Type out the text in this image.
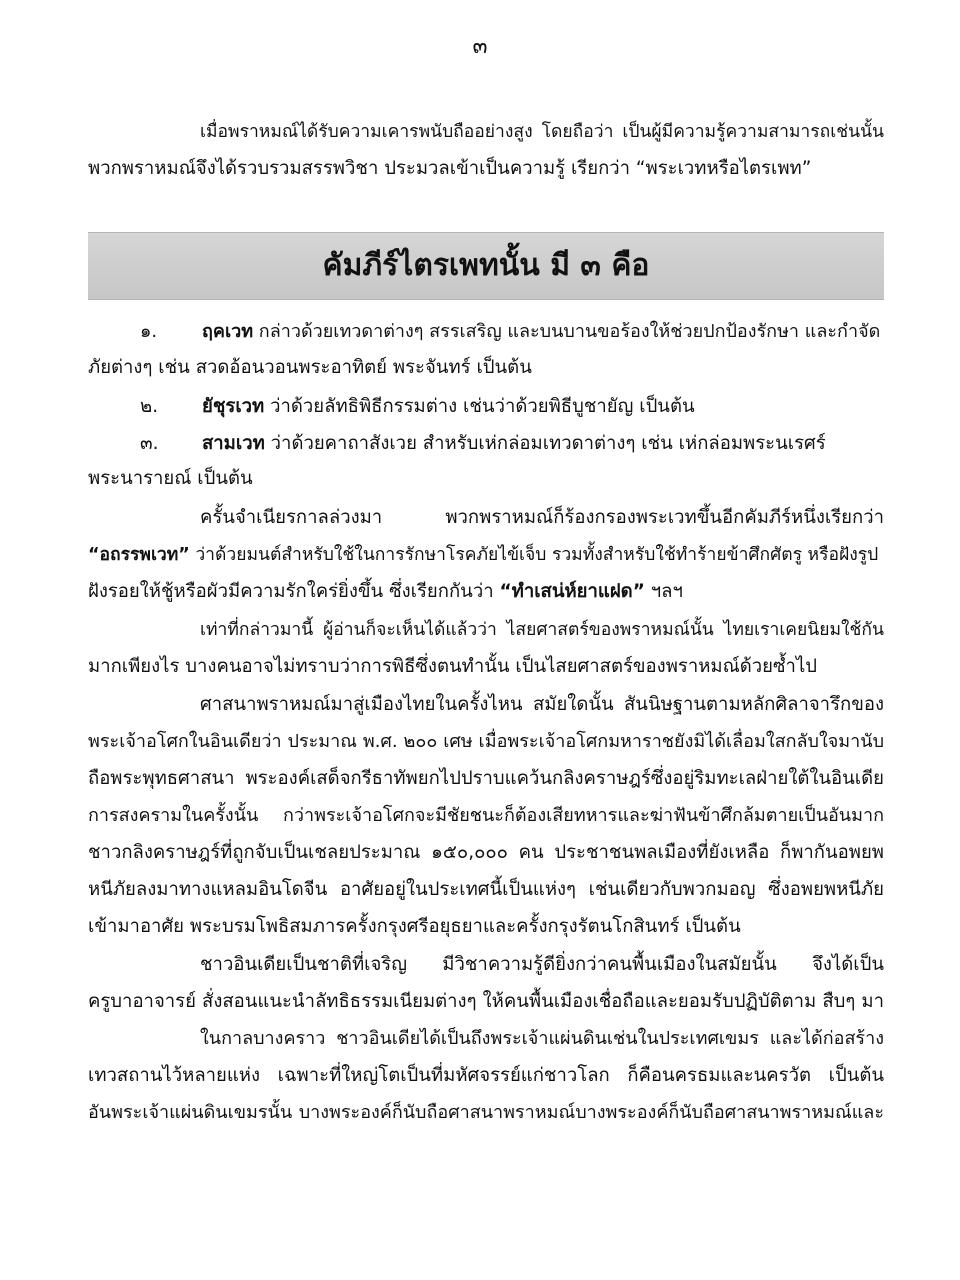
๓
เมื่อพราหมณ์ได้รับความเคารพนับถืออย่างสูง โดยถือว่า เป็นผู้มีความรู้ความสามารถเช่นนั้น
พวกพราหมณ์จึงได้รวบรวมสรรพวิชา ประมวลเข้าเป็นความรู้ เรียกว่า “พระเวทหรือไตรเพท”
คัมภีร์ไตรเพทนั้น มี ๓ คือ
๑. ฤคเวท กล่าวด้วยเทวดาต่างๆ สรรเสริญ และบนบานขอร้องให้ช่วยปกป้องรักษา และกำจัด
ภัยต่างๆ เช่น สวดอ้อนวอนพระอาทิตย์ พระจันทร์ เป็นต้น
๒. ยัชุรเวท ว่าด้วยลัทธิพิธีกรรมต่าง เช่นว่าด้วยพิธีบูชายัญ เป็นต้น
๓. สามเวท ว่าด้วยคาถาสังเวย สำหรับเห่กล่อมเทวดาต่างๆ เช่น เห่กล่อมพระนเรศร์
พระนารายณ์ เป็นต้น
ครั้นจำเนียรกาลล่วงมา พวกพราหมณ์ก็ร้องกรองพระเวทขึ้นอีกคัมภีร์หนึ่งเรียกว่า
“อถรรพเวท” ว่าด้วยมนต์สำหรับใช้ในการรักษาโรคภัยไข้เจ็บ รวมทั้งสำหรับใช้ทำร้ายข้าศึกศัตรู หรือฝังรูป
ฝังรอยให้ชู้หรือผัวมีความรักใคร่ยิ่งขึ้น ซึ่งเรียกกันว่า “ทำเสน่ห์ยาแฝด” ฯลฯ
เท่าที่กล่าวมานี้ ผู้อ่านก็จะเห็นได้แล้วว่า ไสยศาสตร์ของพราหมณ์นั้น ไทยเราเคยนิยมใช้กัน
มากเพียงไร บางคนอาจไม่ทราบว่าการพิธีซึ่งตนทำนั้น เป็นไสยศาสตร์ของพราหมณ์ด้วยซ้ำไป
ศาสนาพราหมณ์มาสู่เมืองไทยในครั้งไหน สมัยใดนั้น สันนิษฐานตามหลักศิลาจารึกของ
พระเจ้าอโศกในอินเดียว่า ประมาณ พ.ศ. ๒๐๐ เศษ เมื่อพระเจ้าอโศกมหาราชยังมิได้เลื่อมใสกลับใจมานับ
ถือพระพุทธศาสนา พระองค์เสด็จกรีธาทัพยกไปปราบแคว้นกลิงคราษฎร์ซึ่งอยู่ริมทะเลฝ่ายใต้ในอินเดีย
การสงครามในครั้งนั้น กว่าพระเจ้าอโศกจะมีชัยชนะก็ต้องเสียทหารและฆ่าฟันข้าศึกล้มตายเป็นอันมาก
ชาวกลิงคราษฎร์ที่ถูกจับเป็นเชลยประมาณ ๑๕๐,๐๐๐ คน ประชาชนพลเมืองที่ยังเหลือ ก็พากันอพยพ
หนีภัยลงมาทางแหลมอินโดจีน อาศัยอยู่ในประเทศนี้เป็นแห่งๆ เช่นเดียวกับพวกมอญ ซึ่งอพยพหนีภัย
เข้ามาอาศัย พระบรมโพธิสมภารครั้งกรุงศรีอยุธยาและครั้งกรุงรัตนโกสินทร์ เป็นต้น
ชาวอินเดียเป็นชาติที่เจริญ มีวิชาความรู้ดียิ่งกว่าคนพื้นเมืองในสมัยนั้น จึงได้เป็น
ครูบาอาจารย์ สั่งสอนแนะนำลัทธิธรรมเนียมต่างๆ ให้คนพื้นเมืองเชื่อถือและยอมรับปฏิบัติตาม สืบๆ มา
ในกาลบางคราว ชาวอินเดียได้เป็นถึงพระเจ้าแผ่นดินเช่นในประเทศเขมร และได้ก่อสร้าง
เทวสถานไว้หลายแห่ง เฉพาะที่ใหญ่โตเป็นที่มหัศจรรย์แก่ชาวโลก ก็คือนครธมและนครวัต เป็นต้น
อันพระเจ้าแผ่นดินเขมรนั้น บางพระองค์ก็นับถือศาสนาพราหมณ์บางพระองค์ก็นับถือศาสนาพราหมณ์และ
